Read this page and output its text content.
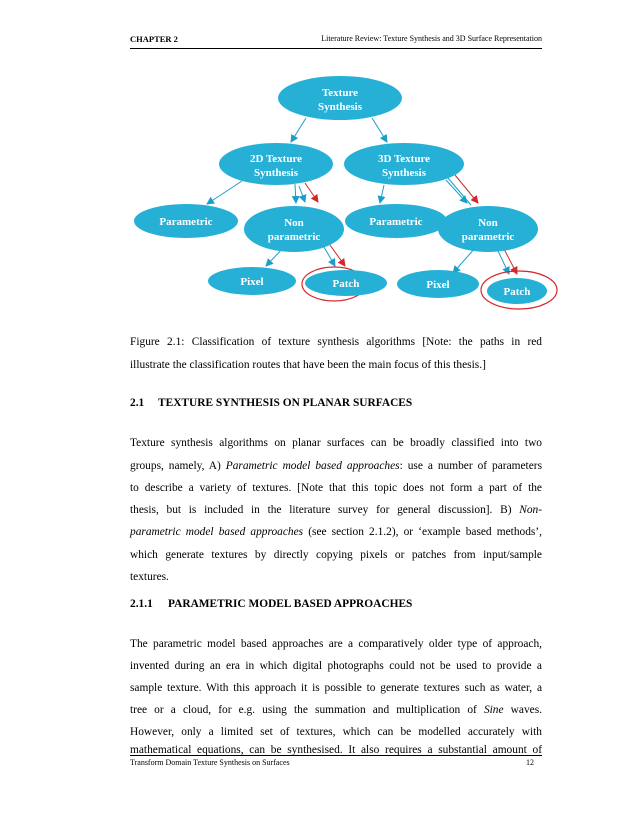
CHAPTER 2	Literature Review: Texture Synthesis and 3D Surface Representation
Texture
Synthesis
2D Texture
Synthesis
3D Texture
Synthesis
Parametric	Non
parametric
Parametric	Non
parametric
Pixel	Patch	Pixel
Patch

Figure 2.1: Classification of texture synthesis algorithms [Note: the paths in red

illustrate the classification routes that have been the main focus of this thesis.]

2.1 TEXTURE SYNTHESIS ON PLANAR SURFACES

Texture synthesis algorithms on planar surfaces can be broadly classified into two

groups, namely, A) Parametric model based approaches: use a number of parameters

to describe a variety of textures. [Note that this topic does not form a part of the

thesis, but is included in the literature survey for general discussion]. B) Non-

parametric model based approaches (see section 2.1.2), or ‘example based methods’,

which generate textures by directly copying pixels or patches from input/sample

textures.

2.1.1 PARAMETRIC MODEL BASED APPROACHES

The parametric model based approaches are a comparatively older type of approach,

invented during an era in which digital photographs could not be used to provide a

sample texture. With this approach it is possible to generate textures such as water, a

tree or a cloud, for e.g. using the summation and multiplication of Sine waves.

However, only a limited set of textures, which can be modelled accurately with

mathematical equations, can be synthesised. It also requires a substantial amount of

Transform Domain Texture Synthesis on Surfaces	12
